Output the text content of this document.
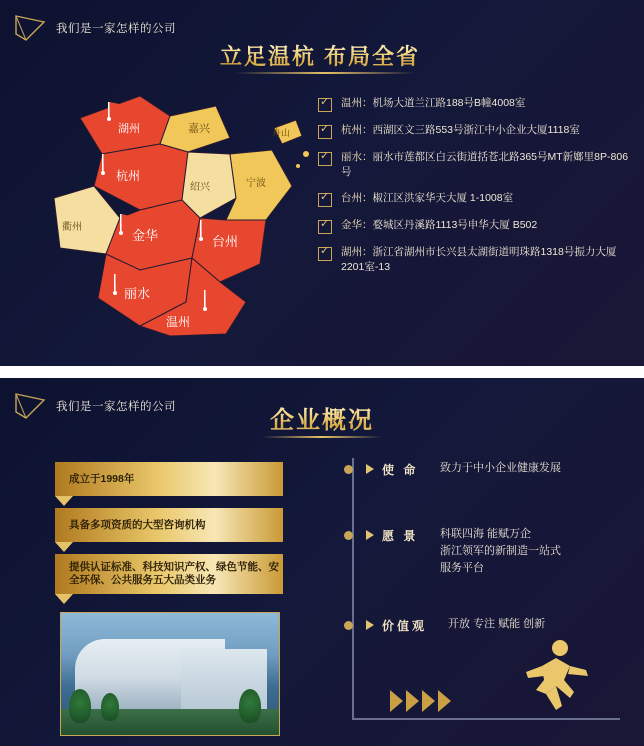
我们是一家怎样的公司
立足温杭 布局全省
湖州	嘉兴
杭州
绍兴	宁波
舟山
衢州
金华	台州
丽水
温州
✓
温州：机场大道兰江路188号B幢4008室
✓
杭州：西湖区文三路553号浙江中小企业大厦1118室
✓
丽水：丽水市莲都区白云街道括苍北路365号MT新嫏里8P-806号
✓
台州：椒江区洪家华天大厦 1-1008室
✓
金华：婺城区丹溪路1113号申华大厦 B502
✓
湖州：浙江省湖州市长兴县太湖街道明珠路1318号振力大厦2201室-13
企业概况
成立于1998年
具备多项资质的大型咨询机构
提供认证标准、科技知识产权、绿色节能、安全环保、公共服务五大品类业务
使 命 致力于中小企业健康发展
愿 景 科联四海 能赋万企
浙江领军的新制造一站式
服务平台
价值观 开放 专注 赋能 创新
